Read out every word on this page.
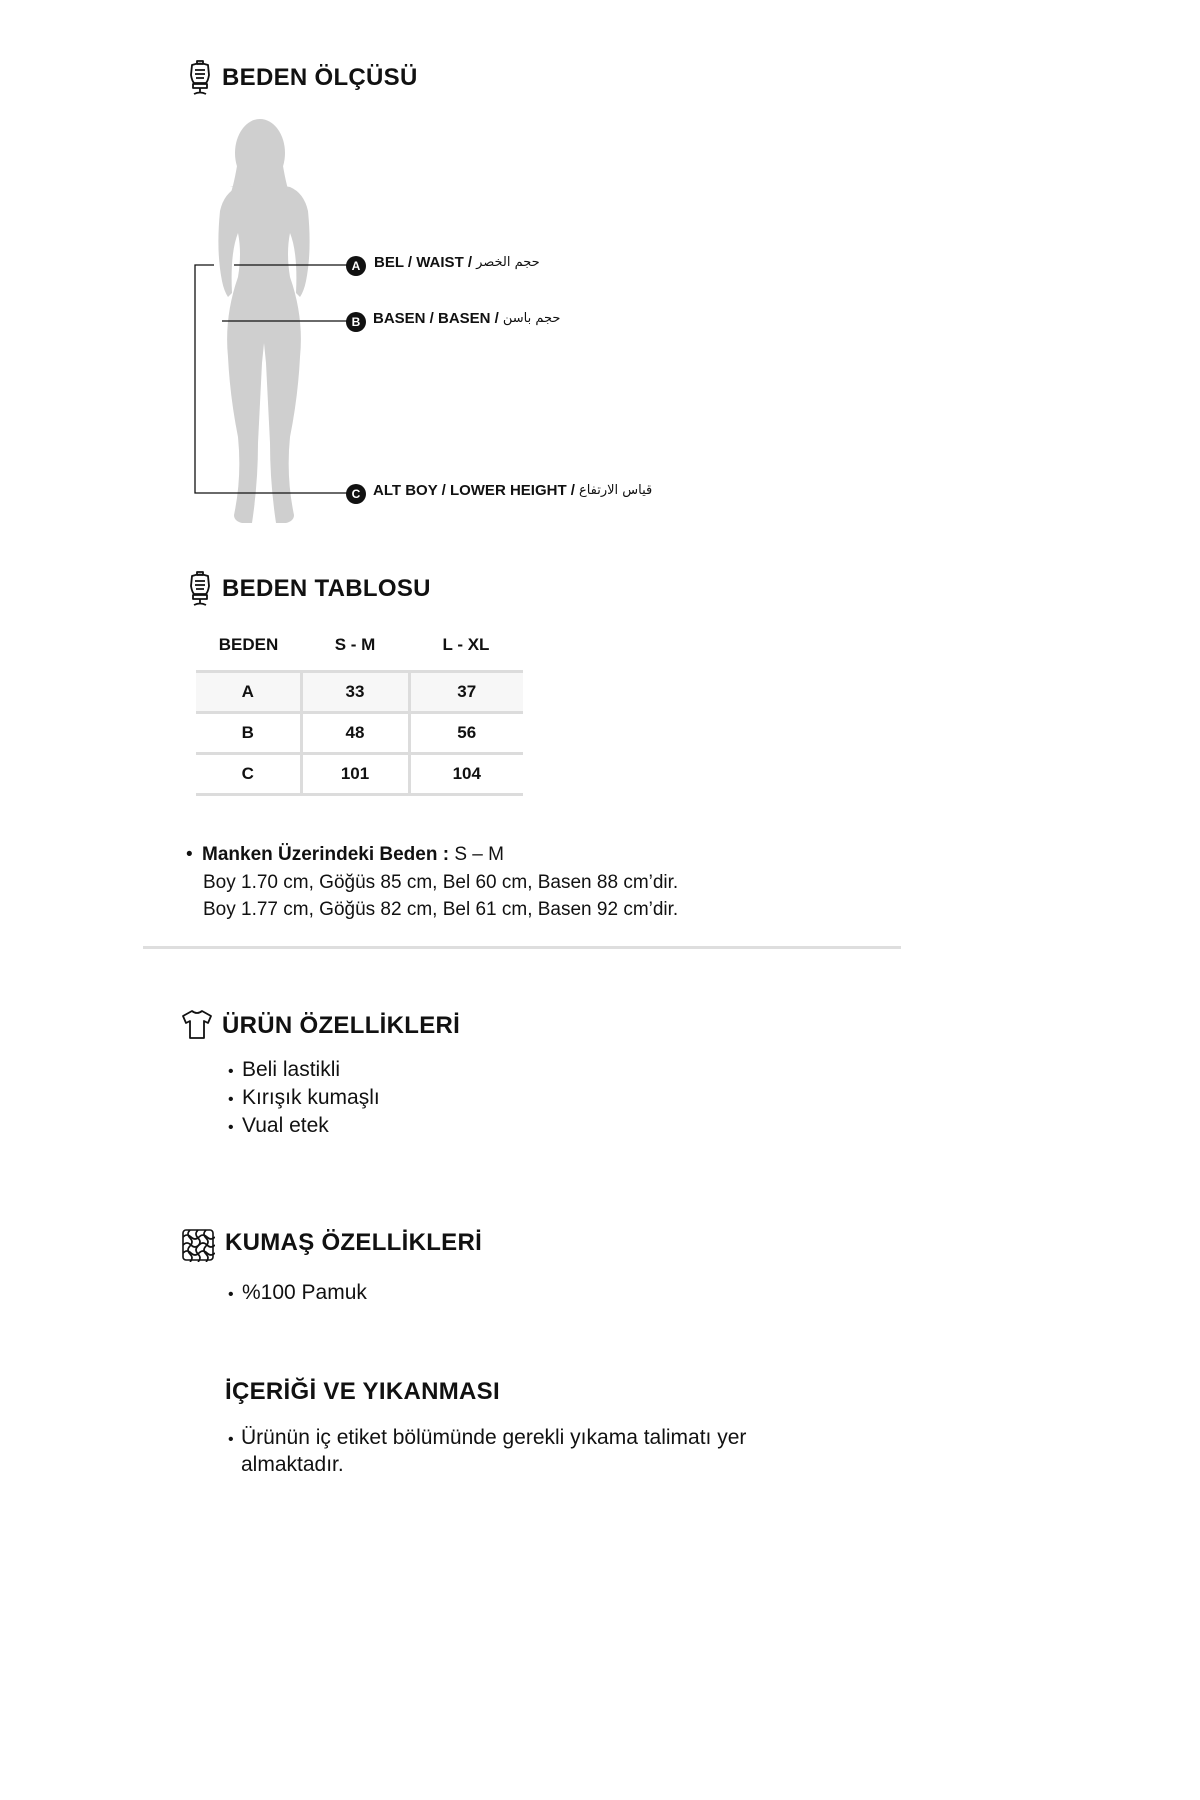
BEDEN ÖLÇÜSÜ
A BEL / WAIST / حجم الخصر
B BASEN / BASEN / حجم باسن
C ALT BOY / LOWER HEIGHT / قياس الارتفاع
BEDEN TABLOSU
BEDEN	S - M	L - XL

A	33	37
B	48	56
C	101	104
• Manken Üzerindeki Beden : S – M
Boy 1.70 cm, Göğüs 85 cm, Bel 60 cm, Basen 88 cm’dir.
Boy 1.77 cm, Göğüs 82 cm, Bel 61 cm, Basen 92 cm’dir.
ÜRÜN ÖZELLİKLERİ
• Beli lastikli
• Kırışık kumaşlı
• Vual etek
KUMAŞ ÖZELLİKLERİ
• %100 Pamuk
İÇERİĞİ VE YIKANMASI
• Ürünün iç etiket bölümünde gerekli yıkama talimatı yer
almaktadır.
